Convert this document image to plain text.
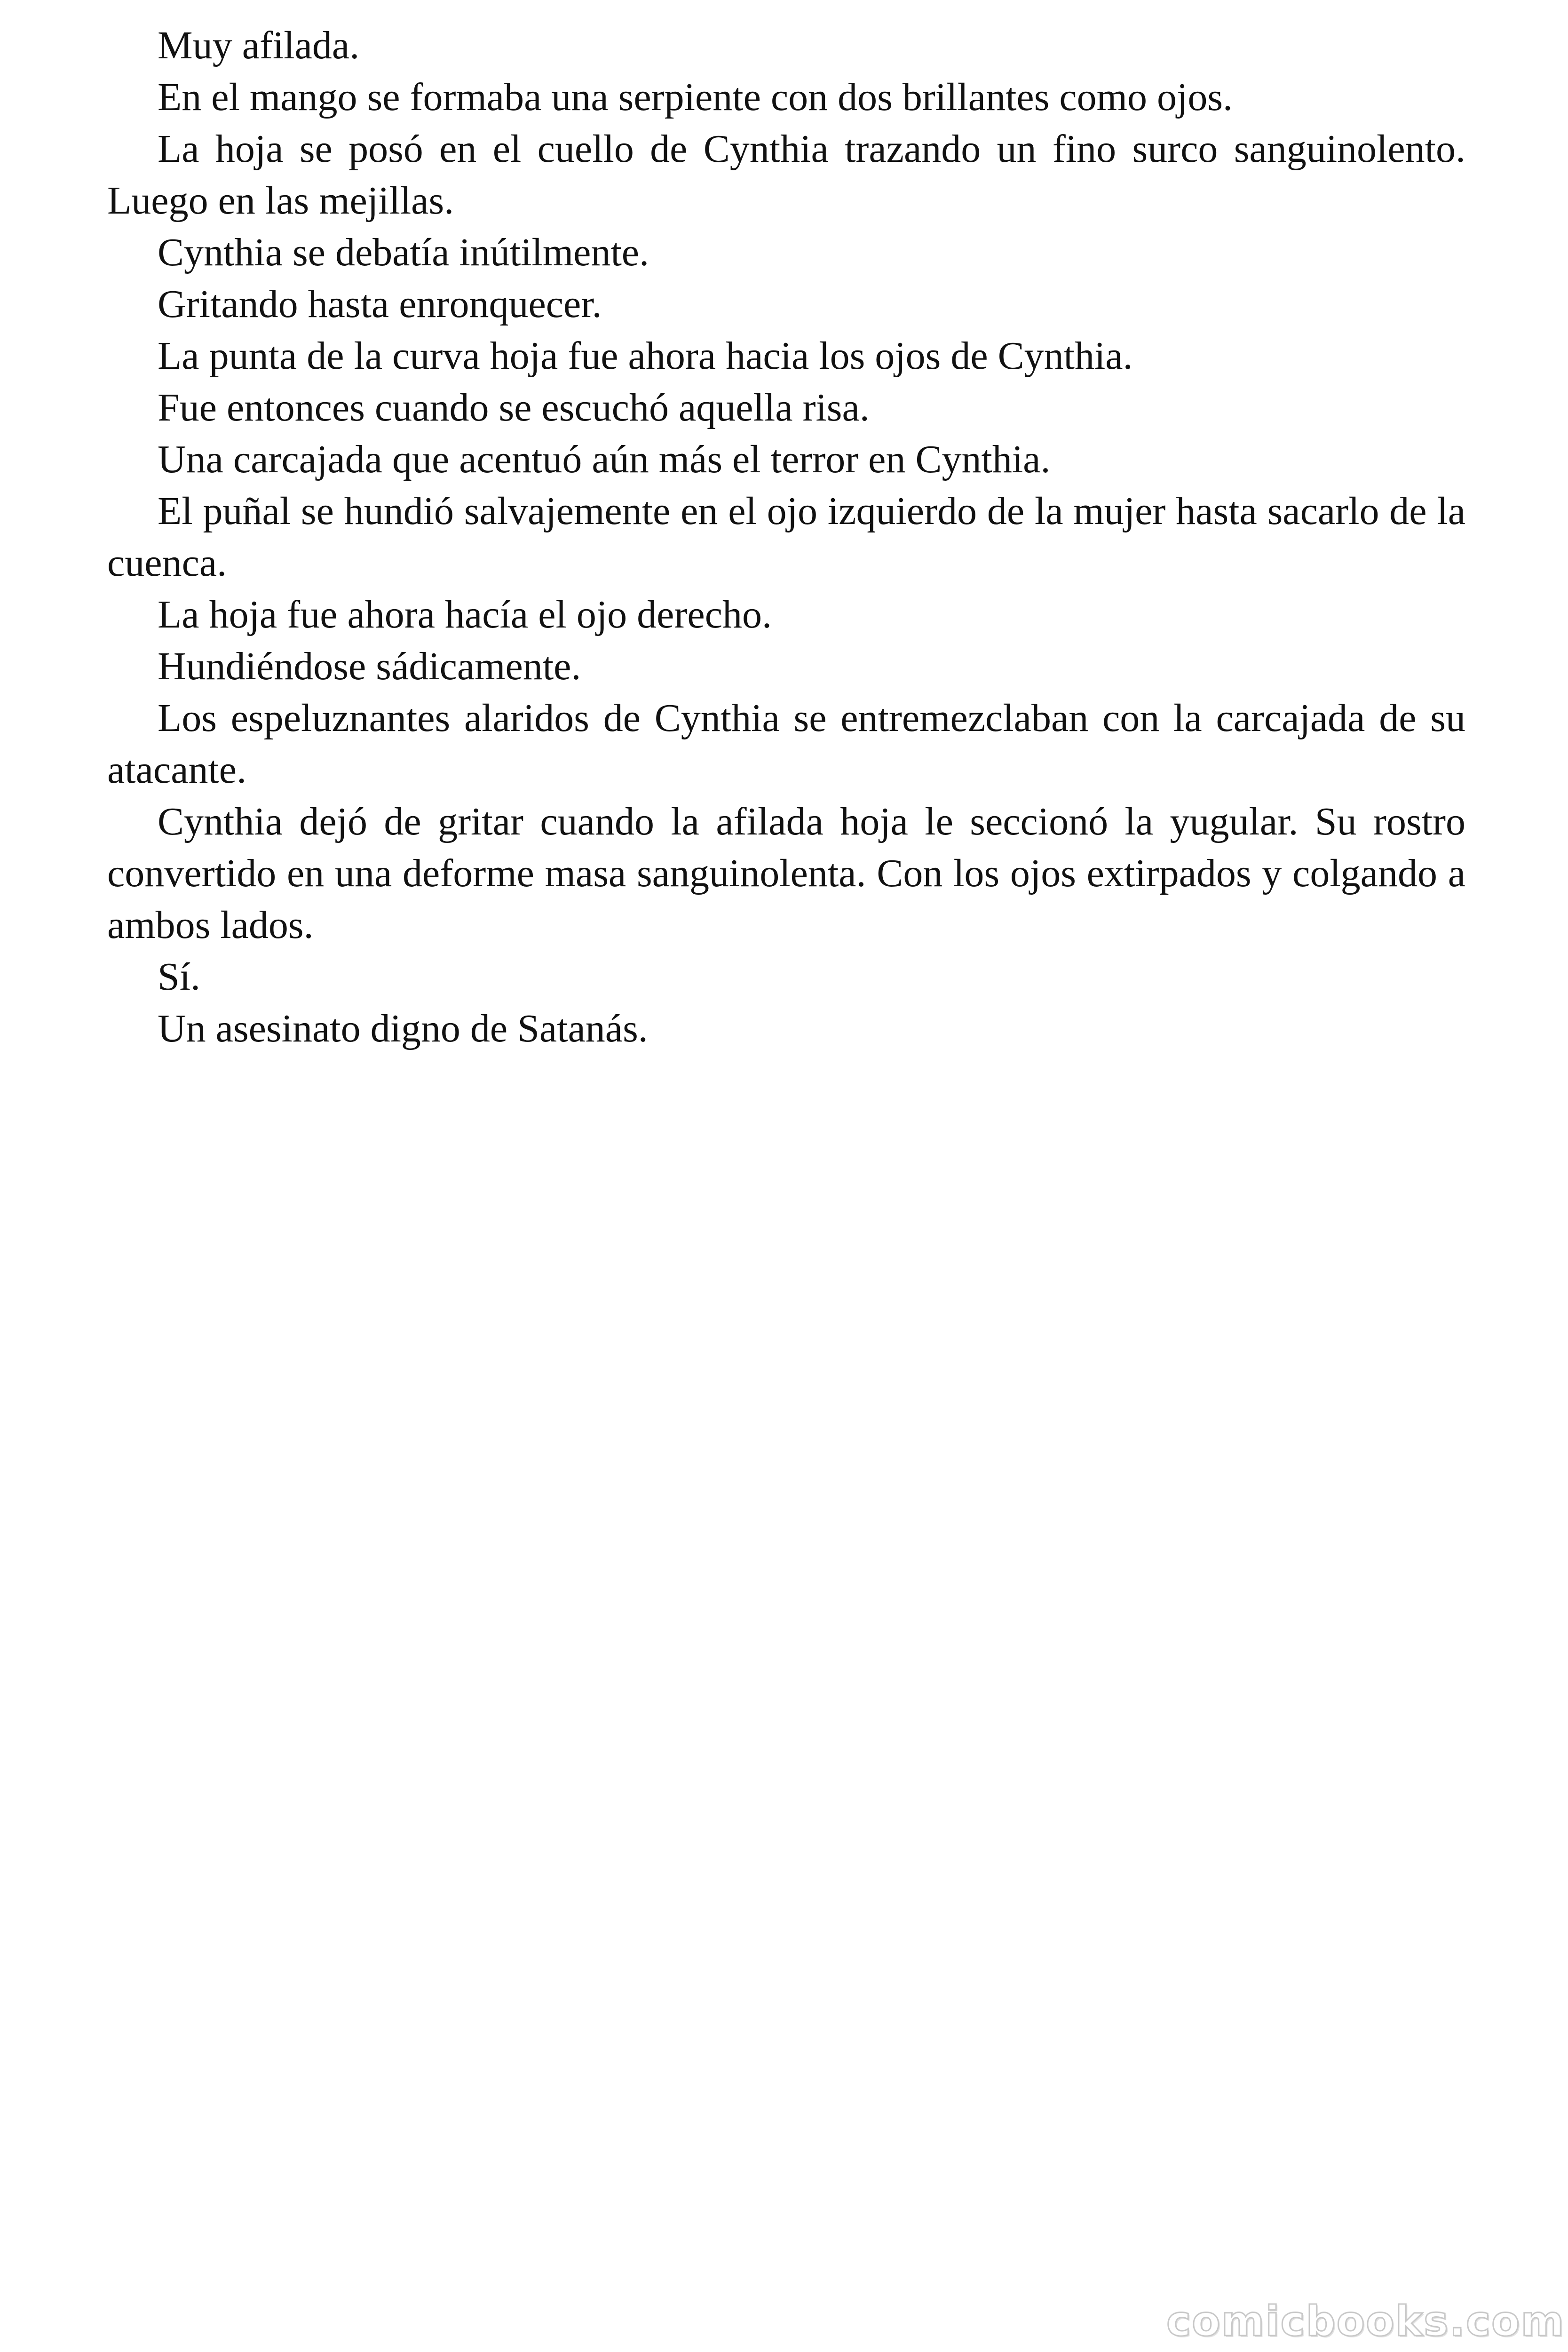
Muy afilada.

En el mango se formaba una serpiente con dos brillantes como ojos.

La hoja se posó en el cuello de Cynthia trazando un fino surco sanguinolento. Luego en las mejillas.

Cynthia se debatía inútilmente.

Gritando hasta enronquecer.

La punta de la curva hoja fue ahora hacia los ojos de Cynthia.

Fue entonces cuando se escuchó aquella risa.

Una carcajada que acentuó aún más el terror en Cynthia.

El puñal se hundió salvajemente en el ojo izquierdo de la mujer hasta sacarlo de la cuenca.

La hoja fue ahora hacía el ojo derecho.

Hundiéndose sádicamente.

Los espeluznantes alaridos de Cynthia se entremezclaban con la carcajada de su atacante.

Cynthia dejó de gritar cuando la afilada hoja le seccionó la yugular. Su rostro convertido en una deforme masa sanguinolenta. Con los ojos extirpados y colgando a ambos lados.

Sí.

Un asesinato digno de Satanás.

comicbooks.com
